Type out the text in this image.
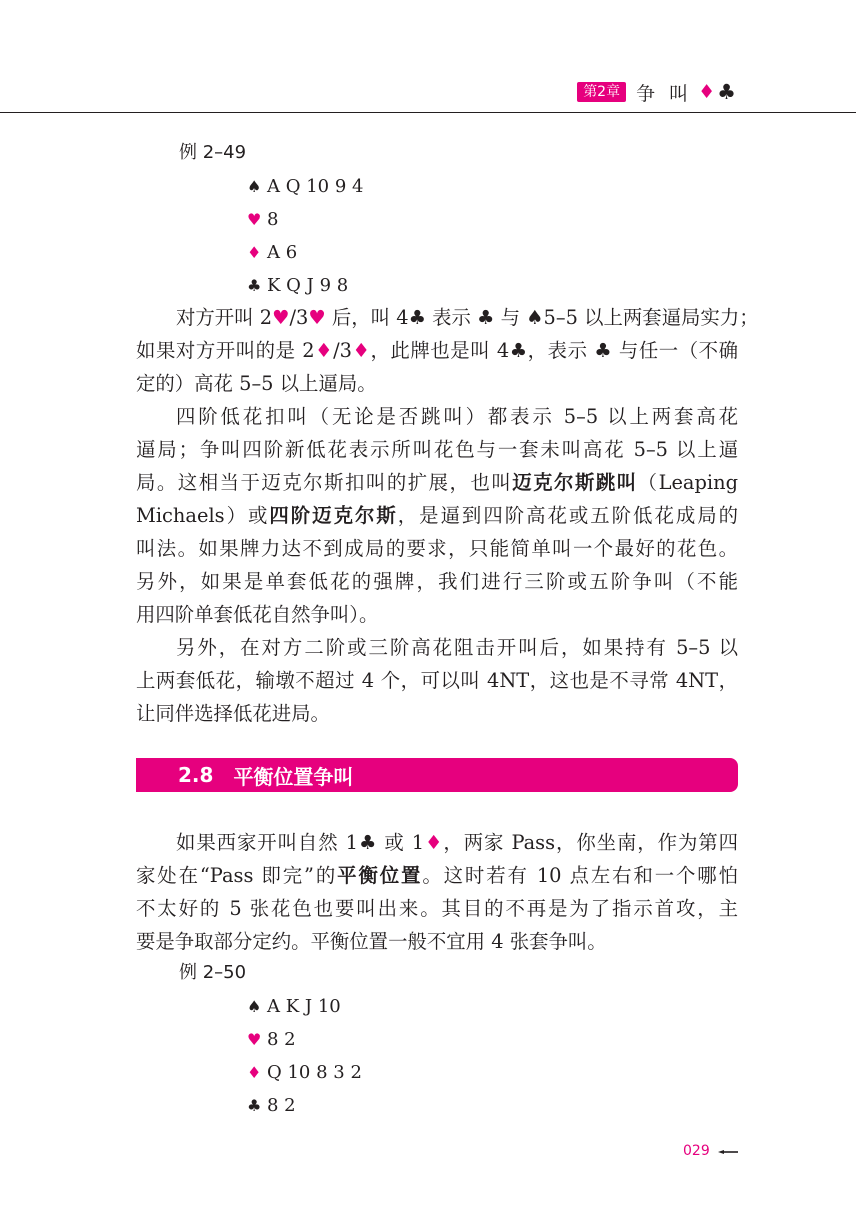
第2章 争叫
♦ ♣
例 2–49
♠ A Q 10 9 4
♥ 8
♦ A 6
♣ K Q J 9 8
对方开叫 2♥/3♥ 后，叫 4♣ 表示 ♣ 与 ♠5–5 以上两套逼局实力；
如果对方开叫的是 2♦/3♦，此牌也是叫 4♣，表示 ♣ 与任一（不确
定的）高花 5–5 以上逼局。
四阶低花扣叫（无论是否跳叫）都表示 5–5 以上两套高花
逼局；争叫四阶新低花表示所叫花色与一套未叫高花 5–5 以上逼
局。这相当于迈克尔斯扣叫的扩展，也叫迈克尔斯跳叫（Leaping
Michaels）或四阶迈克尔斯，是逼到四阶高花或五阶低花成局的
叫法。如果牌力达不到成局的要求，只能简单叫一个最好的花色。
另外，如果是单套低花的强牌，我们进行三阶或五阶争叫（不能
用四阶单套低花自然争叫）。
另外，在对方二阶或三阶高花阻击开叫后，如果持有 5–5 以
上两套低花，输墩不超过 4 个，可以叫 4NT，这也是不寻常 4NT，
让同伴选择低花进局。
2.8 平衡位置争叫
如果西家开叫自然 1♣ 或 1♦，两家 Pass，你坐南，作为第四
家处在“Pass 即完”的平衡位置。这时若有 10 点左右和一个哪怕
不太好的 5 张花色也要叫出来。其目的不再是为了指示首攻，主
要是争取部分定约。平衡位置一般不宜用 4 张套争叫。
例 2–50
♠ A K J 10
♥ 8 2
♦ Q 10 8 3 2
♣ 8 2
029
